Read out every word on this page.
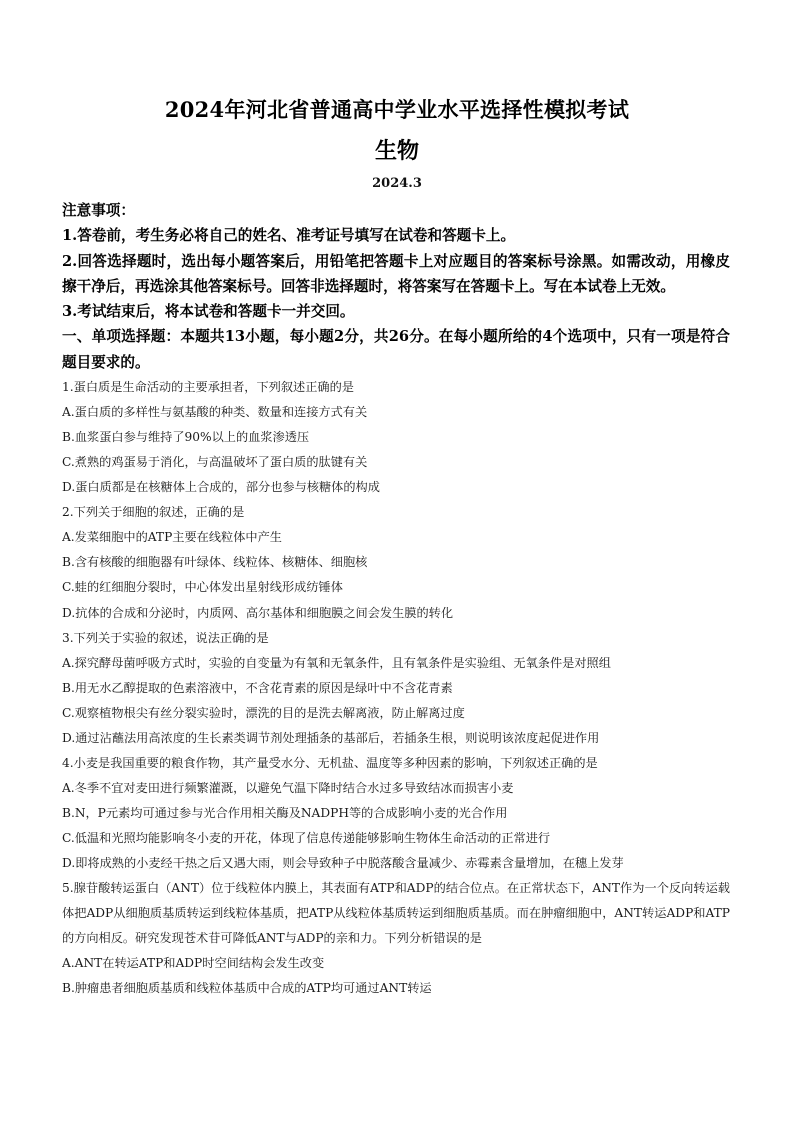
2024年河北省普通高中学业水平选择性模拟考试
生物
2024.3
注意事项：
1.答卷前，考生务必将自己的姓名、准考证号填写在试卷和答题卡上。
2.回答选择题时，选出每小题答案后，用铅笔把答题卡上对应题目的答案标号涂黑。如需改动，用橡皮擦干净后，再选涂其他答案标号。回答非选择题时，将答案写在答题卡上。写在本试卷上无效。
3.考试结束后，将本试卷和答题卡一并交回。
一、单项选择题：本题共13小题，每小题2分，共26分。在每小题所给的4个选项中，只有一项是符合题目要求的。
1.蛋白质是生命活动的主要承担者，下列叙述正确的是
A.蛋白质的多样性与氨基酸的种类、数量和连接方式有关
B.血浆蛋白参与维持了90%以上的血浆渗透压
C.煮熟的鸡蛋易于消化，与高温破坏了蛋白质的肽键有关
D.蛋白质都是在核糖体上合成的，部分也参与核糖体的构成
2.下列关于细胞的叙述，正确的是
A.发菜细胞中的ATP主要在线粒体中产生
B.含有核酸的细胞器有叶绿体、线粒体、核糖体、细胞核
C.蛙的红细胞分裂时，中心体发出星射线形成纺锤体
D.抗体的合成和分泌时，内质网、高尔基体和细胞膜之间会发生膜的转化
3.下列关于实验的叙述，说法正确的是
A.探究酵母菌呼吸方式时，实验的自变量为有氧和无氧条件，且有氧条件是实验组、无氧条件是对照组
B.用无水乙醇提取的色素溶液中，不含花青素的原因是绿叶中不含花青素
C.观察植物根尖有丝分裂实验时，漂洗的目的是洗去解离液，防止解离过度
D.通过沾蘸法用高浓度的生长素类调节剂处理插条的基部后，若插条生根，则说明该浓度起促进作用
4.小麦是我国重要的粮食作物，其产量受水分、无机盐、温度等多种因素的影响，下列叙述正确的是
A.冬季不宜对麦田进行频繁灌溉，以避免气温下降时结合水过多导致结冰而损害小麦
B.N，P元素均可通过参与光合作用相关酶及NADPH等的合成影响小麦的光合作用
C.低温和光照均能影响冬小麦的开花，体现了信息传递能够影响生物体生命活动的正常进行
D.即将成熟的小麦经干热之后又遇大雨，则会导致种子中脱落酸含量减少、赤霉素含量增加，在穗上发芽
5.腺苷酸转运蛋白（ANT）位于线粒体内膜上，其表面有ATP和ADP的结合位点。在正常状态下，ANT作为一个反向转运载体把ADP从细胞质基质转运到线粒体基质，把ATP从线粒体基质转运到细胞质基质。而在肿瘤细胞中，ANT转运ADP和ATP的方向相反。研究发现苍术苷可降低ANT与ADP的亲和力。下列分析错误的是
A.ANT在转运ATP和ADP时空间结构会发生改变
B.肿瘤患者细胞质基质和线粒体基质中合成的ATP均可通过ANT转运
